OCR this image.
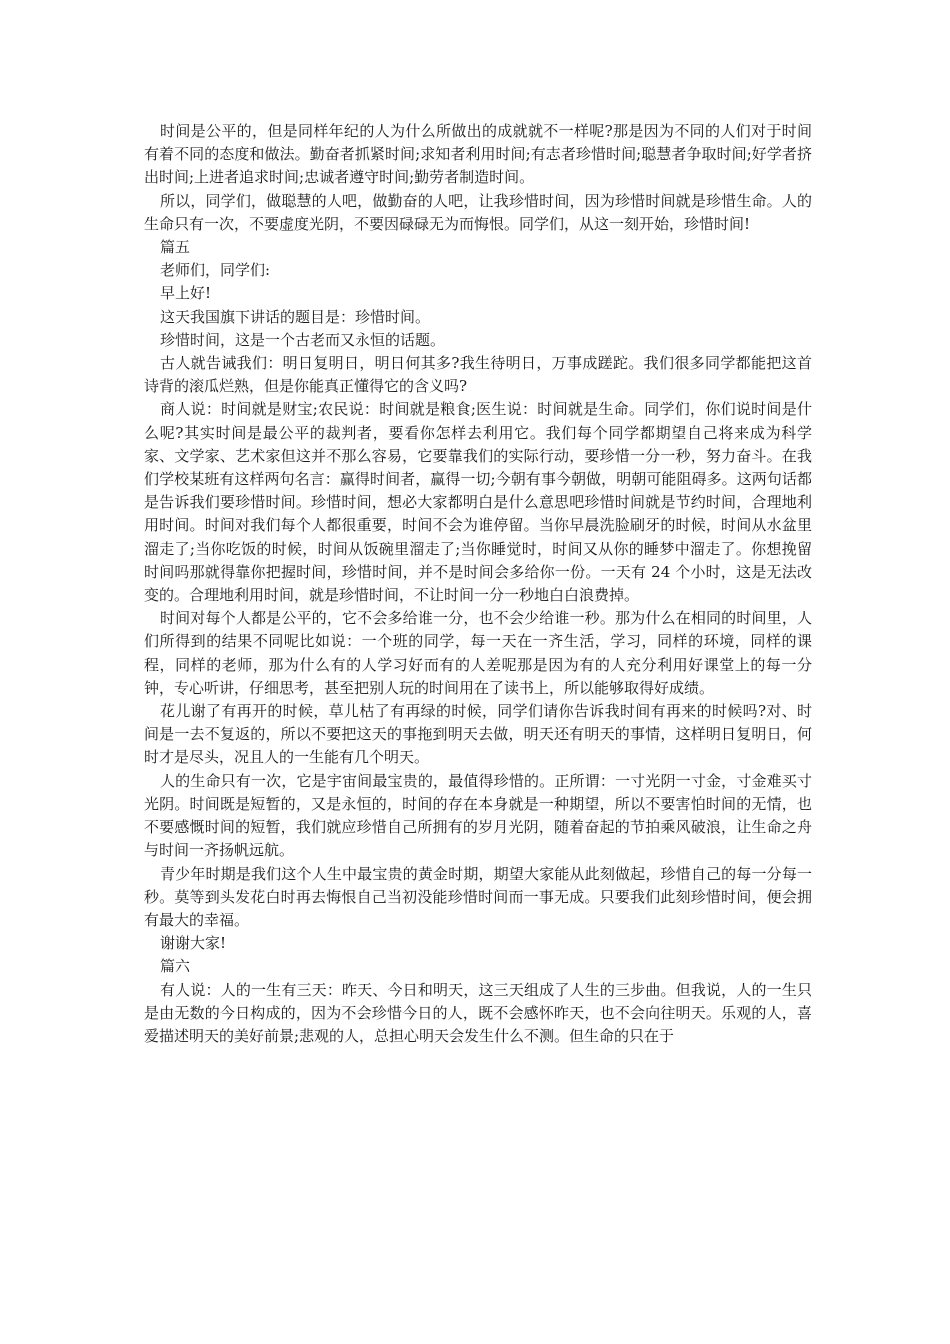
时间是公平的，但是同样年纪的人为什么所做出的成就就不一样呢?那是因为不同的人们对于时间有着不同的态度和做法。勤奋者抓紧时间;求知者利用时间;有志者珍惜时间;聪慧者争取时间;好学者挤出时间;上进者追求时间;忠诚者遵守时间;勤劳者制造时间。

所以，同学们，做聪慧的人吧，做勤奋的人吧，让我珍惜时间，因为珍惜时间就是珍惜生命。人的生命只有一次，不要虚度光阴，不要因碌碌无为而悔恨。同学们，从这一刻开始，珍惜时间!

篇五

老师们，同学们:

早上好!

这天我国旗下讲话的题目是：珍惜时间。

珍惜时间，这是一个古老而又永恒的话题。

古人就告诫我们：明日复明日，明日何其多?我生待明日，万事成蹉跎。我们很多同学都能把这首诗背的滚瓜烂熟，但是你能真正懂得它的含义吗?

商人说：时间就是财宝;农民说：时间就是粮食;医生说：时间就是生命。同学们，你们说时间是什么呢?其实时间是最公平的裁判者，要看你怎样去利用它。我们每个同学都期望自己将来成为科学家、文学家、艺术家但这并不那么容易，它要靠我们的实际行动，要珍惜一分一秒，努力奋斗。在我们学校某班有这样两句名言：赢得时间者，赢得一切;今朝有事今朝做，明朝可能阻碍多。这两句话都是告诉我们要珍惜时间。珍惜时间，想必大家都明白是什么意思吧珍惜时间就是节约时间，合理地利用时间。时间对我们每个人都很重要，时间不会为谁停留。当你早晨洗脸刷牙的时候，时间从水盆里溜走了;当你吃饭的时候，时间从饭碗里溜走了;当你睡觉时，时间又从你的睡梦中溜走了。你想挽留时间吗那就得靠你把握时间，珍惜时间，并不是时间会多给你一份。一天有 24 个小时，这是无法改变的。合理地利用时间，就是珍惜时间，不让时间一分一秒地白白浪费掉。

时间对每个人都是公平的，它不会多给谁一分，也不会少给谁一秒。那为什么在相同的时间里，人们所得到的结果不同呢比如说：一个班的同学，每一天在一齐生活，学习，同样的环境，同样的课程，同样的老师，那为什么有的人学习好而有的人差呢那是因为有的人充分利用好课堂上的每一分钟，专心听讲，仔细思考，甚至把别人玩的时间用在了读书上，所以能够取得好成绩。

花儿谢了有再开的时候，草儿枯了有再绿的时候，同学们请你告诉我时间有再来的时候吗?对、时间是一去不复返的，所以不要把这天的事拖到明天去做，明天还有明天的事情，这样明日复明日，何时才是尽头，况且人的一生能有几个明天。

人的生命只有一次，它是宇宙间最宝贵的，最值得珍惜的。正所谓：一寸光阴一寸金，寸金难买寸光阴。时间既是短暂的，又是永恒的，时间的存在本身就是一种期望，所以不要害怕时间的无情，也不要感慨时间的短暂，我们就应珍惜自己所拥有的岁月光阴，随着奋起的节拍乘风破浪，让生命之舟与时间一齐扬帆远航。

青少年时期是我们这个人生中最宝贵的黄金时期，期望大家能从此刻做起，珍惜自己的每一分每一秒。莫等到头发花白时再去悔恨自己当初没能珍惜时间而一事无成。只要我们此刻珍惜时间，便会拥有最大的幸福。

谢谢大家!

篇六

有人说：人的一生有三天：昨天、今日和明天，这三天组成了人生的三步曲。但我说，人的一生只是由无数的今日构成的，因为不会珍惜今日的人，既不会感怀昨天，也不会向往明天。乐观的人，喜爱描述明天的美好前景;悲观的人，总担心明天会发生什么不测。但生命的只在于
